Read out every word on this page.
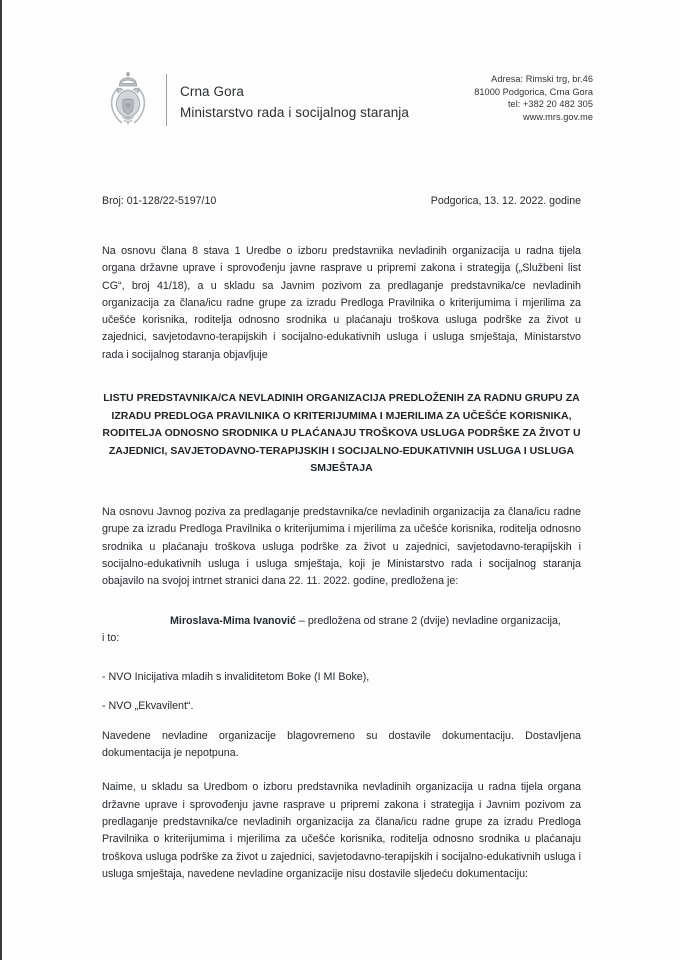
Crna Gora
Ministarstvo rada i socijalnog staranja
Adresa: Rimski trg, br.46
81000 Podgorica, Crna Gora
tel: +382 20 482 305
www.mrs.gov.me
Broj: 01-128/22-5197/10	Podgorica, 13. 12. 2022. godine

Na osnovu člana 8 stava 1 Uredbe o izboru predstavnika nevladinih organizacija u radna tijela organa državne uprave i sprovođenju javne rasprave u pripremi zakona i strategija („Službeni list CG“, broj 41/18), a u skladu sa Javnim pozivom za predlaganje predstavnika/ce nevladinih organizacija za člana/icu radne grupe za izradu Predloga Pravilnika o kriterijumima i mjerilima za učešće korisnika, roditelja odnosno srodnika u plaćanaju troškova usluga podrške za život u zajednici, savjetodavno-terapijskih i socijalno-edukativnih usluga i usluga smještaja, Ministarstvo rada i socijalnog staranja objavljuje

LISTU PREDSTAVNIKA/CA NEVLADINIH ORGANIZACIJA PREDLOŽENIH ZA RADNU GRUPU ZA IZRADU PREDLOGA PRAVILNIKA O KRITERIJUMIMA I MJERILIMA ZA UČEŠĆE KORISNIKA, RODITELJA ODNOSNO SRODNIKA U PLAĆANAJU TROŠKOVA USLUGA PODRŠKE ZA ŽIVOT U ZAJEDNICI, SAVJETODAVNO-TERAPIJSKIH I SOCIJALNO-EDUKATIVNIH USLUGA I USLUGA SMJEŠTAJA

Na osnovu Javnog poziva za predlaganje predstavnika/ce nevladinih organizacija za člana/icu radne grupe za izradu Predloga Pravilnika o kriterijumima i mjerilima za učešće korisnika, roditelja odnosno srodnika u plaćanaju troškova usluga podrške za život u zajednici, savjetodavno-terapijskih i socijalno-edukativnih usluga i usluga smještaja, koji je Ministarstvo rada i socijalnog staranja obajavilo na svojoj intrnet stranici dana 22. 11. 2022. godine, predložena je:

Miroslava-Mima Ivanović – predložena od strane 2 (dvije) nevladine organizacija,

i to:

- NVO Inicijativa mladih s invaliditetom Boke (I MI Boke),

- NVO „Ekvavilent“.

Navedene nevladine organizacije blagovremeno su dostavile dokumentaciju. Dostavljena dokumentacija je nepotpuna.

Naime, u skladu sa Uredbom o izboru predstavnika nevladinih organizacija u radna tijela organa državne uprave i sprovođenju javne rasprave u pripremi zakona i strategija i Javnim pozivom za predlaganje predstavnika/ce nevladinih organizacija za člana/icu radne grupe za izradu Predloga Pravilnika o kriterijumima i mjerilima za učešće korisnika, roditelja odnosno srodnika u plaćanaju troškova usluga podrške za život u zajednici, savjetodavno-terapijskih i socijalno-edukativnih usluga i usluga smještaja, navedene nevladine organizacije nisu dostavile sljedeću dokumentaciju:
